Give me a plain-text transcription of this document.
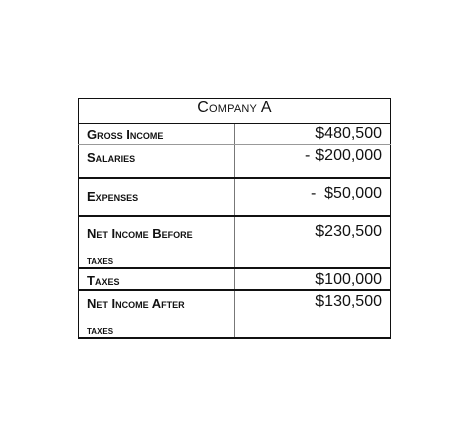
Company A	
Gross Income	$480,500
Salaries	- $200,000
Expenses	- $50,000
Net Income Before
taxes	$230,500
Taxes	$100,000
Net Income After
taxes	$130,500
